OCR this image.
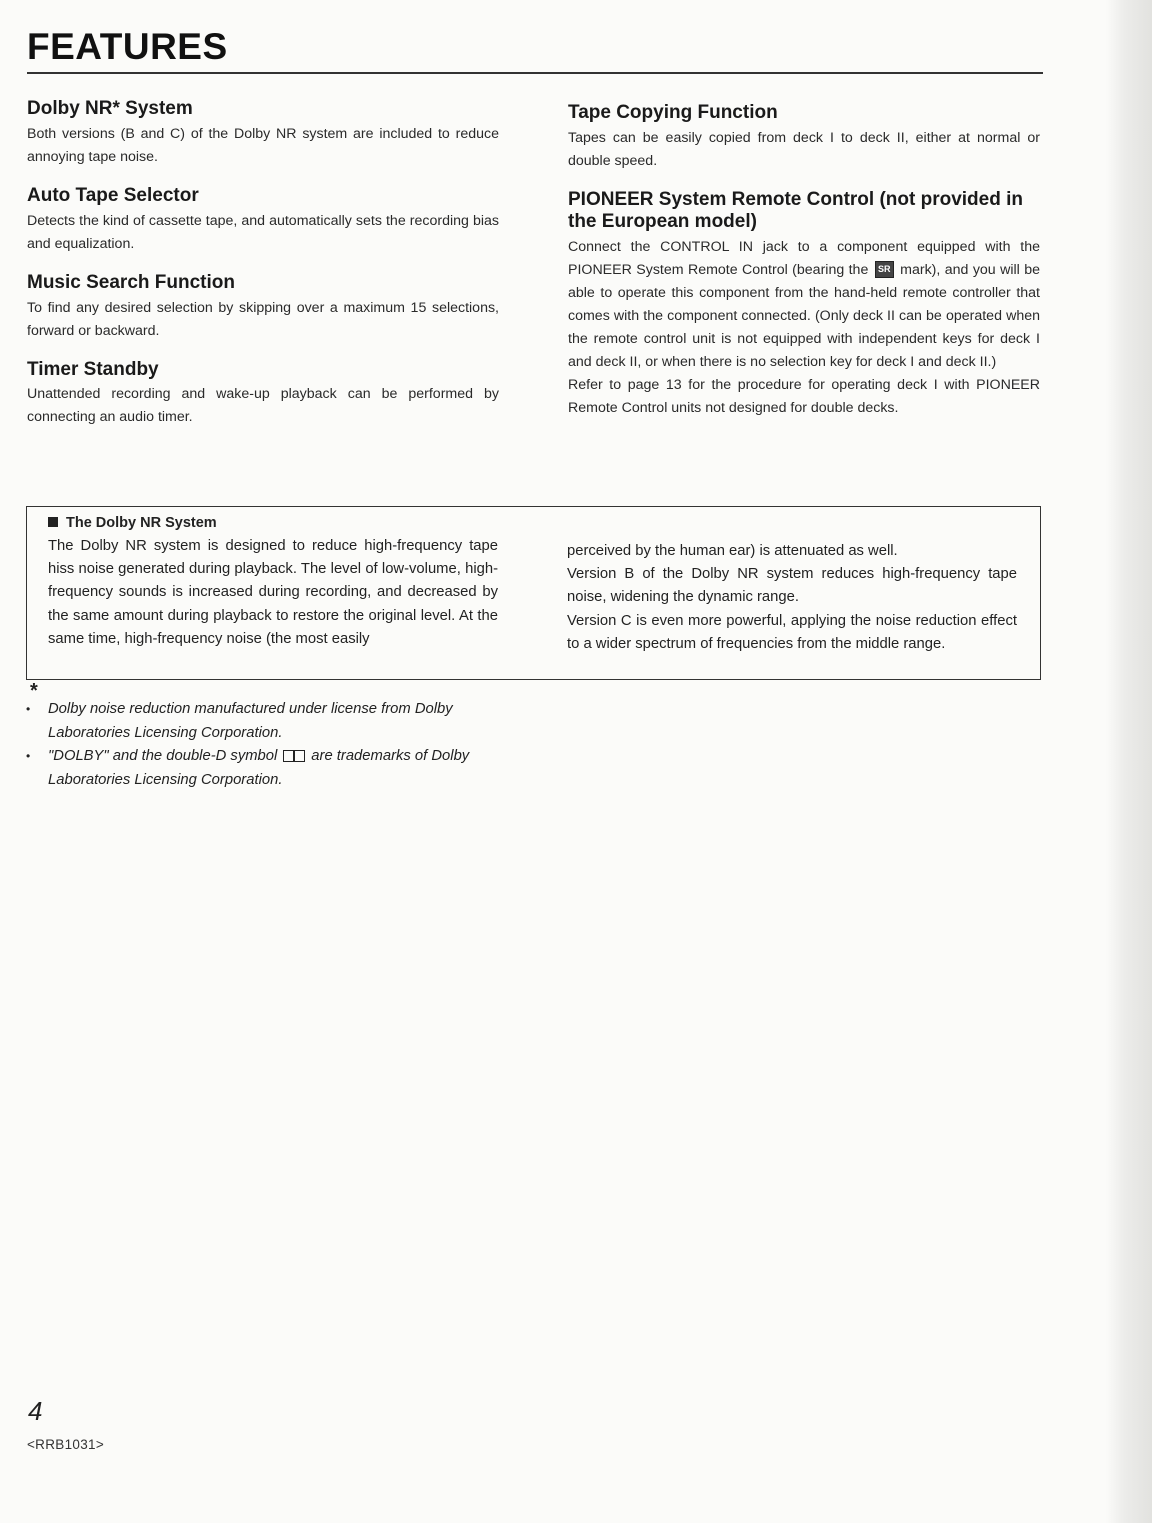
FEATURES
Dolby NR* System

Both versions (B and C) of the Dolby NR system are included to reduce annoying tape noise.

Auto Tape Selector

Detects the kind of cassette tape, and automatically sets the recording bias and equalization.

Music Search Function

To find any desired selection by skipping over a maximum 15 selections, forward or backward.

Timer Standby

Unattended recording and wake-up playback can be performed by connecting an audio timer.

Tape Copying Function

Tapes can be easily copied from deck I to deck II, either at normal or double speed.

PIONEER System Remote Control (not provided in the European model)

Connect the CONTROL IN jack to a component equipped with the PIONEER System Remote Control (bearing the SR mark), and you will be able to operate this component from the hand-held remote controller that comes with the component connected. (Only deck II can be operated when the remote control unit is not equipped with independent keys for deck I and deck II, or when there is no selection key for deck I and deck II.)
Refer to page 13 for the procedure for operating deck I with PIONEER Remote Control units not designed for double decks.

The Dolby NR System

The Dolby NR system is designed to reduce high-frequency tape hiss noise generated during playback. The level of low-volume, high-frequency sounds is increased during recording, and decreased by the same amount during playback to restore the original level. At the same time, high-frequency noise (the most easily

perceived by the human ear) is attenuated as well.

Version B of the Dolby NR system reduces high-frequency tape noise, widening the dynamic range.

Version C is even more powerful, applying the noise reduction effect to a wider spectrum of frequencies from the middle range.

*

• Dolby noise reduction manufactured under license from Dolby Laboratories Licensing Corporation.

• "DOLBY" and the double-D symbol are trademarks of Dolby Laboratories Licensing Corporation.

4
<RRB1031>
